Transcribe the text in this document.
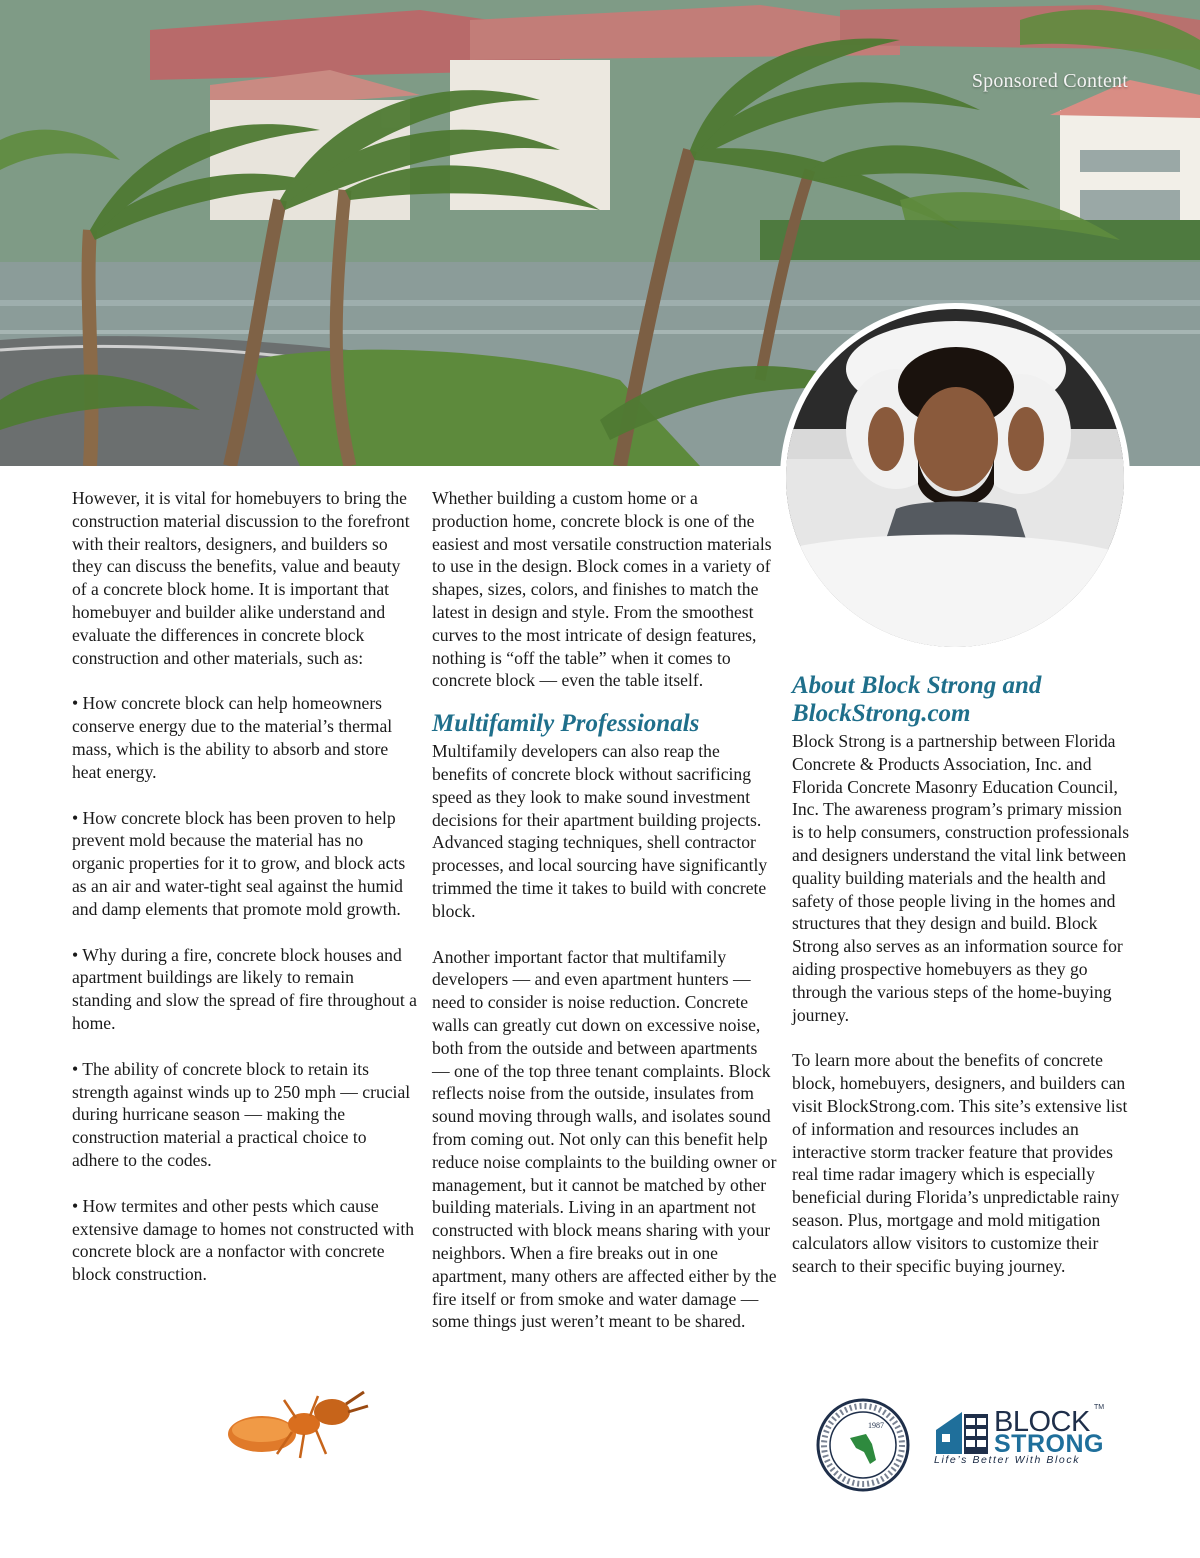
Sponsored Content

However, it is vital for homebuyers to bring the construction material discussion to the forefront with their realtors, designers, and builders so they can discuss the benefits, value and beauty of a concrete block home. It is important that homebuyer and builder alike understand and evaluate the differences in concrete block construction and other materials, such as:

• How concrete block can help homeowners conserve energy due to the material’s thermal mass, which is the ability to absorb and store heat energy.

• How concrete block has been proven to help prevent mold because the material has no organic properties for it to grow, and block acts as an air and water-tight seal against the humid and damp elements that promote mold growth.

• Why during a fire, concrete block houses and apartment buildings are likely to remain standing and slow the spread of fire throughout a home.

• The ability of concrete block to retain its strength against winds up to 250 mph — crucial during hurricane season — making the construction material a practical choice to adhere to the codes.

• How termites and other pests which cause extensive damage to homes not constructed with concrete block are a nonfactor with concrete block construction.

Whether building a custom home or a production home, concrete block is one of the easiest and most versatile construction materials to use in the design. Block comes in a variety of shapes, sizes, colors, and finishes to match the latest in design and style. From the smoothest curves to the most intricate of design features, nothing is “off the table” when it comes to concrete block — even the table itself.

Multifamily Professionals

Multifamily developers can also reap the benefits of concrete block without sacrificing speed as they look to make sound investment decisions for their apartment building projects. Advanced staging techniques, shell contractor processes, and local sourcing have significantly trimmed the time it takes to build with concrete block.

Another important factor that multifamily developers — and even apartment hunters — need to consider is noise reduction. Concrete walls can greatly cut down on excessive noise, both from the outside and between apartments — one of the top three tenant complaints. Block reflects noise from the outside, insulates from sound moving through walls, and isolates sound from coming out. Not only can this benefit help reduce noise complaints to the building owner or management, but it cannot be matched by other building materials. Living in an apartment not constructed with block means sharing with your neighbors. When a fire breaks out in one apartment, many others are affected either by the fire itself or from smoke and water damage — some things just weren’t meant to be shared.

About Block Strong and BlockStrong.com

Block Strong is a partnership between Florida Concrete & Products Association, Inc. and Florida Concrete Masonry Education Council, Inc. The awareness program’s primary mission is to help consumers, construction professionals and designers understand the vital link between quality building materials and the health and safety of those people living in the homes and structures that they design and build. Block Strong also serves as an information source for aiding prospective homebuyers as they go through the various steps of the home-buying journey.

To learn more about the benefits of concrete block, homebuyers, designers, and builders can visit BlockStrong.com. This site’s extensive list of information and resources includes an interactive storm tracker feature that provides real time radar imagery which is especially beneficial during Florida’s unpredictable rainy season. Plus, mortgage and mold mitigation calculators allow visitors to customize their search to their specific buying journey.

1987	BLOCK TM
STRONG
Life’s Better With Block
